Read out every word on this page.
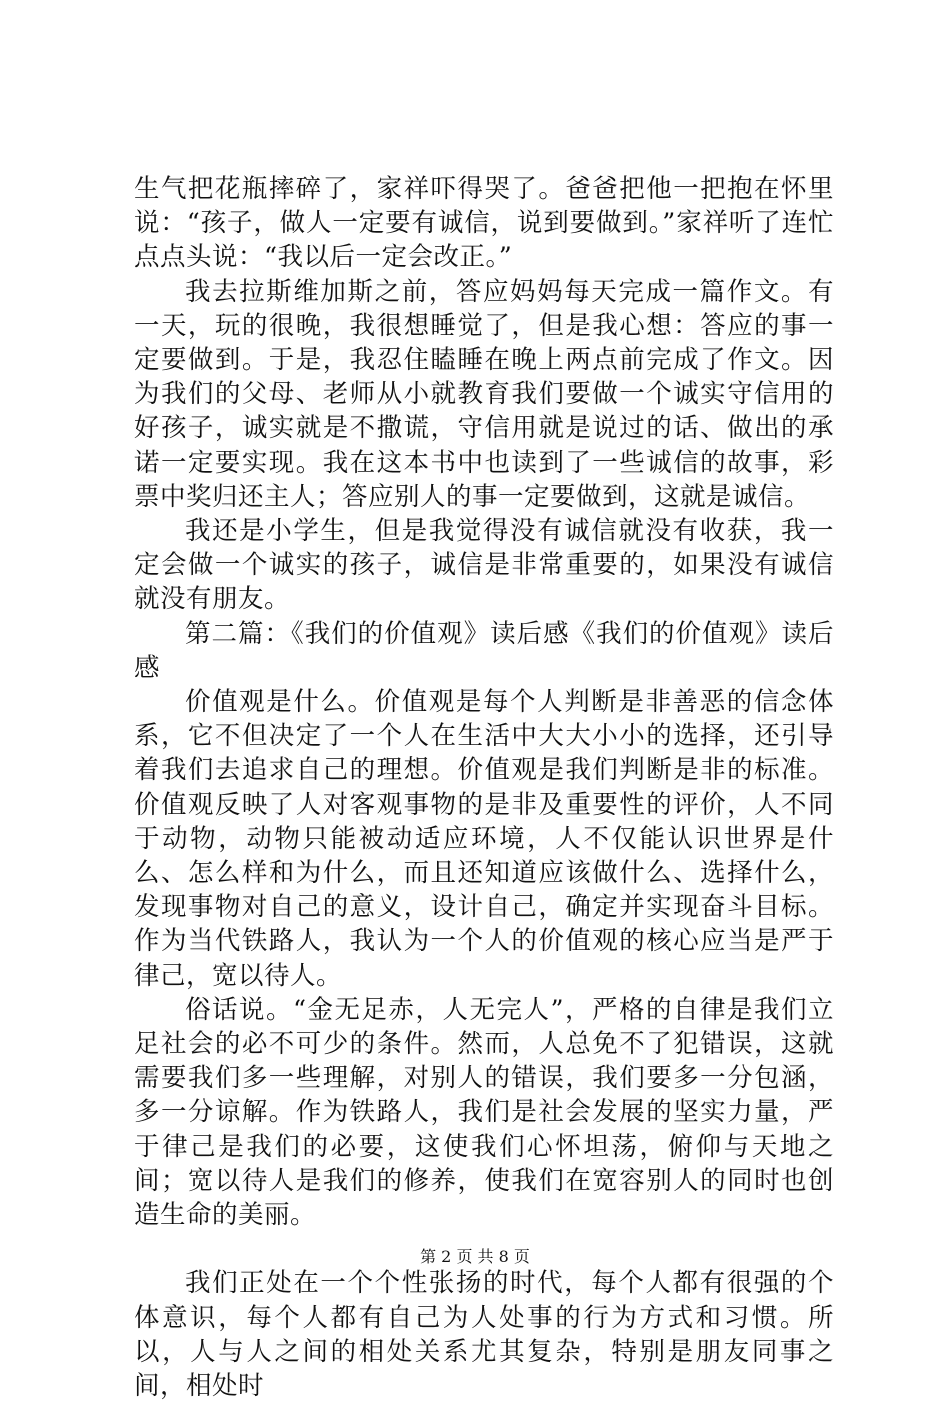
生气把花瓶摔碎了，家祥吓得哭了。爸爸把他一把抱在怀里说：“孩子，做人一定要有诚信，说到要做到。”家祥听了连忙点点头说：“我以后一定会改正。”

我去拉斯维加斯之前，答应妈妈每天完成一篇作文。有一天，玩的很晚，我很想睡觉了，但是我心想：答应的事一定要做到。于是，我忍住瞌睡在晚上两点前完成了作文。因为我们的父母、老师从小就教育我们要做一个诚实守信用的好孩子，诚实就是不撒谎，守信用就是说过的话、做出的承诺一定要实现。我在这本书中也读到了一些诚信的故事，彩票中奖归还主人；答应别人的事一定要做到，这就是诚信。

我还是小学生，但是我觉得没有诚信就没有收获，我一定会做一个诚实的孩子，诚信是非常重要的，如果没有诚信就没有朋友。

第二篇：《我们的价值观》读后感《我们的价值观》读后感

价值观是什么。价值观是每个人判断是非善恶的信念体系，它不但决定了一个人在生活中大大小小的选择，还引导着我们去追求自己的理想。价值观是我们判断是非的标准。价值观反映了人对客观事物的是非及重要性的评价，人不同于动物，动物只能被动适应环境，人不仅能认识世界是什么、怎么样和为什么，而且还知道应该做什么、选择什么，发现事物对自己的意义，设计自己，确定并实现奋斗目标。作为当代铁路人，我认为一个人的价值观的核心应当是严于律己，宽以待人。

俗话说。“金无足赤，人无完人”，严格的自律是我们立足社会的必不可少的条件。然而，人总免不了犯错误，这就需要我们多一些理解，对别人的错误，我们要多一分包涵，多一分谅解。作为铁路人，我们是社会发展的坚实力量，严于律己是我们的必要，这使我们心怀坦荡，俯仰与天地之间；宽以待人是我们的修养，使我们在宽容别人的同时也创造生命的美丽。

我们正处在一个个性张扬的时代，每个人都有很强的个体意识，每个人都有自己为人处事的行为方式和习惯。所以，人与人之间的相处关系尤其复杂，特别是朋友同事之间，相处时

第 2 页 共 8 页
